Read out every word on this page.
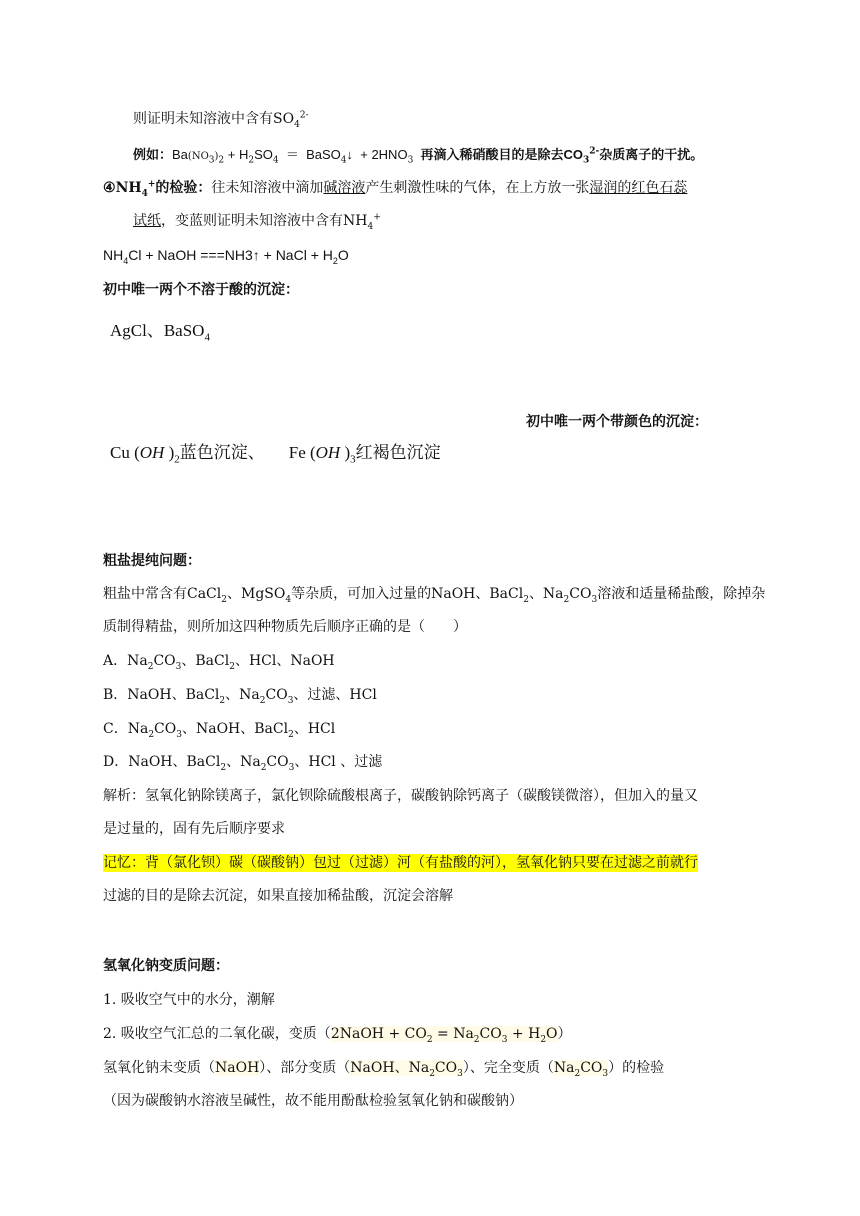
则证明未知溶液中含有$SO_4^{2-}$
例如：$Ba(NO_3)_2 + H_2SO_4$  ＝  BaSO$_4$↓  + $2HNO_3$  再滴入稀硝酸目的是除去$CO_3^{2-}$杂质离子的干扰。
$④NH_4^+$的检验：往未知溶液中滴加碱溶液产生刺激性味的气体，在上方放一张湿润的红色石蕊
试纸，变蓝则证明未知溶液中含有$NH_4^+$
$NH_4Cl$ + NaOH ===NH3↑ + NaCl + $H_2O$
初中唯一两个不溶于酸的沉淀：
AgCl、BaSO$_4$
初中唯一两个带颜色的沉淀：
Cu (OH )$_2$蓝色沉淀、 Fe (OH )$_3$红褐色沉淀
粗盐提纯问题：
粗盐中常含有CaCl$_2$、MgSO$_4$等杂质，可加入过量的NaOH、BaCl$_2$、$Na_2CO_3$溶液和适量稀盐酸，除掉杂
质制得精盐，则所加这四种物质先后顺序正确的是（　　）
A．$Na_2CO_3$、BaCl$_2$、HCl、NaOH
B．NaOH、BaCl$_2$、$Na_2CO_3$、过滤、HCl
C．$Na_2CO_3$、NaOH、BaCl$_2$、HCl
D．NaOH、BaCl$_2$、$Na_2CO_3$、HCl 、过滤
解析：氢氧化钠除镁离子，氯化钡除硫酸根离子，碳酸钠除钙离子（碳酸镁微溶），但加入的量又
是过量的，固有先后顺序要求
记忆：背（氯化钡）碳（碳酸钠）包过（过滤）河（有盐酸的河），氢氧化钠只要在过滤之前就行
过滤的目的是除去沉淀，如果直接加稀盐酸，沉淀会溶解
氢氧化钠变质问题：
1. 吸收空气中的水分，潮解
2. 吸收空气汇总的二氧化碳，变质（2NaOH + $CO_2 = Na_2CO_3 + H_2O$）
氢氧化钠未变质（NaOH）、部分变质（NaOH、$Na_2CO_3$）、完全变质$(Na_2CO_3)$的检验
（因为碳酸钠水溶液呈碱性，故不能用酚酞检验氢氧化钠和碳酸钠）
